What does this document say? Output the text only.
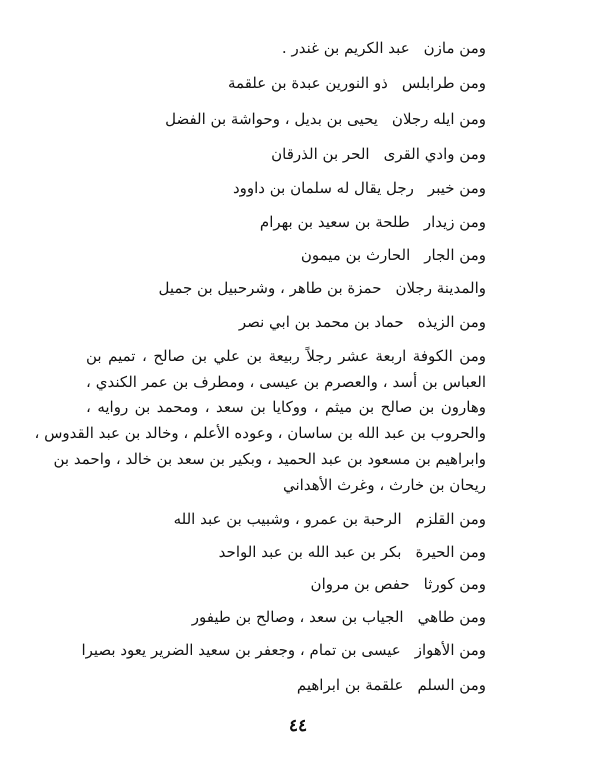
ومن مازنعبد الكريم بن غندر .
ومن طرابلسذو النورين عبدة بن علقمة
ومن ايله رجلانيحيى بن بديل ، وحواشة بن الفضل
ومن وادي القرىالحر بن الذرقان
ومن خيبررجل يقال له سلمان بن داوود
ومن زيدارطلحة بن سعيد بن بهرام
ومن الجارالحارث بن ميمون
والمدينة رجلانحمزة بن طاهر ، وشرحبيل بن جميل
ومن الزيذهحماد بن محمد بن ابي نصر
ومن الكوفة اربعة عشر رجلاً ربيعة بن علي بن صالح ، تميم بن
العباس بن أسد ، والعصرم بن عيسى ، ومطرف بن عمر الكندي ،
وهارون بن صالح بن ميثم ، ووكايا بن سعد ، ومحمد بن روايه ،
والحروب بن عبد الله بن ساسان ، وعوده الأعلم ، وخالد بن عبد القدوس ،
وابراهيم بن مسعود بن عبد الحميد ، وبكير بن سعد بن خالد ، واحمد بن
ريحان بن خارث ، وغرث الأهداني
ومن القلزمالرحبة بن عمرو ، وشبيب بن عبد الله
ومن الحيرةبكر بن عبد الله بن عبد الواحد
ومن كورثاحفص بن مروان
ومن طاهيالجياب بن سعد ، وصالح بن طيفور
ومن الأهوازعيسى بن تمام ، وجعفر بن سعيد الضرير يعود بصيرا
ومن السلمعلقمة بن ابراهيم
٤٤
